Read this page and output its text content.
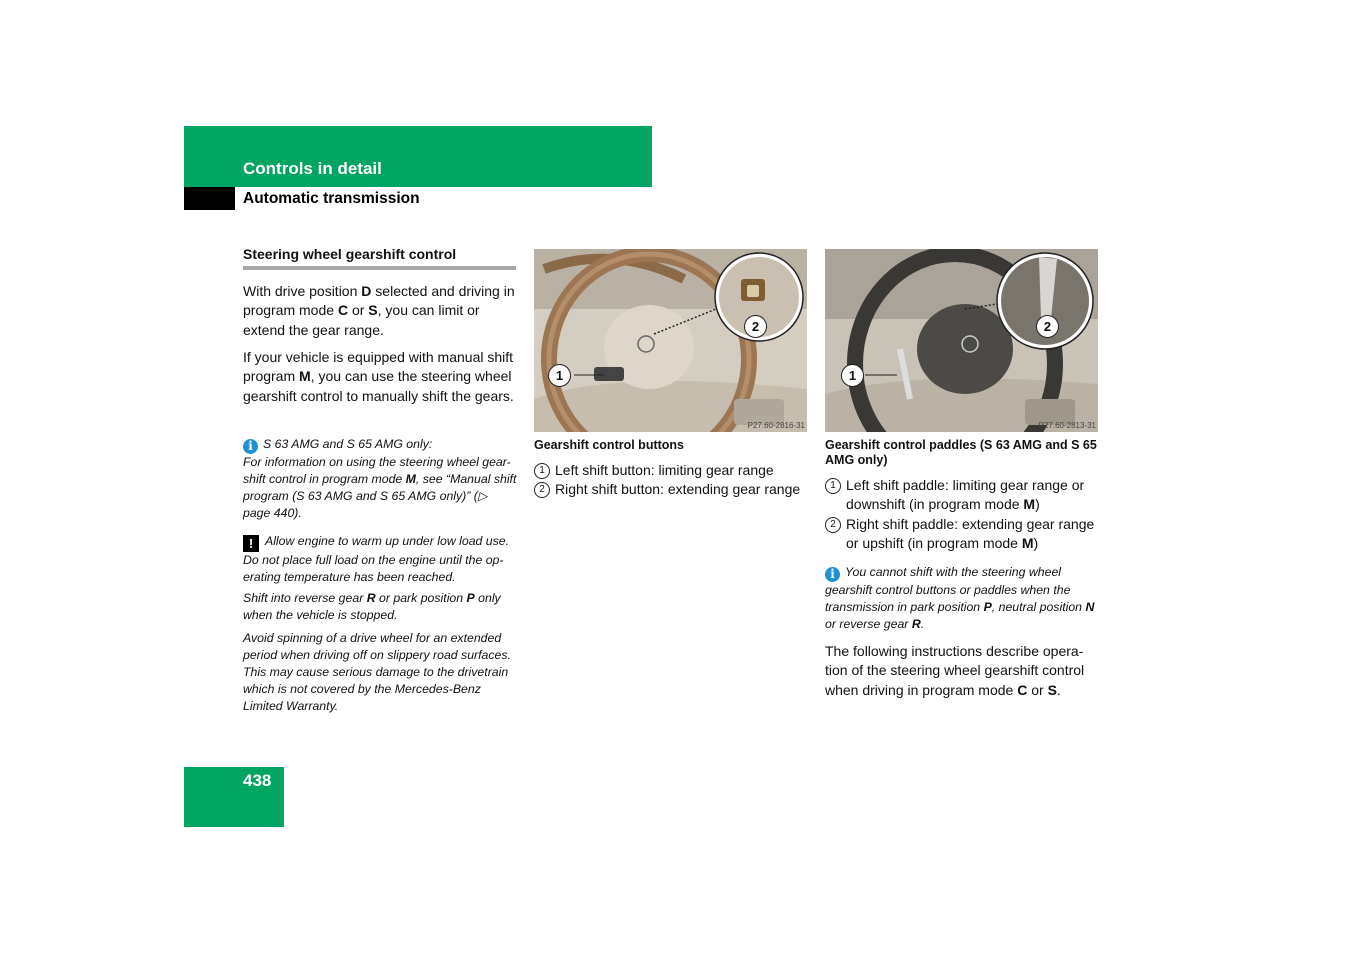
Controls in detail
Automatic transmission
Steering wheel gearshift control
With drive position D selected and driving in program mode C or S, you can limit or extend the gear range.
If your vehicle is equipped with manual shift program M, you can use the steering wheel gearshift control to manually shift the gears.
i S 63 AMG and S 65 AMG only:
For information on using the steering wheel gear-shift control in program mode M, see “Manual shift program (S 63 AMG and S 65 AMG only)” (▷ page 440).
! Allow engine to warm up under low load use. Do not place full load on the engine until the op-erating temperature has been reached.
Shift into reverse gear R or park position P only when the vehicle is stopped.
Avoid spinning of a drive wheel for an extended period when driving off on slippery road surfaces. This may cause serious damage to the drivetrain which is not covered by the Mercedes-Benz Limited Warranty.
1
2
P27.60-2816-31
Gearshift control buttons
1 Left shift button: limiting gear range
2 Right shift button: extending gear range
1
2
P27.60-2813-31
Gearshift control paddles (S 63 AMG and S 65 AMG only)
1 Left shift paddle: limiting gear range or downshift (in program mode M)
2 Right shift paddle: extending gear range or upshift (in program mode M)
i You cannot shift with the steering wheel gearshift control buttons or paddles when the transmission in park position P, neutral position N or reverse gear R.
The following instructions describe opera-tion of the steering wheel gearshift control when driving in program mode C or S.
438
